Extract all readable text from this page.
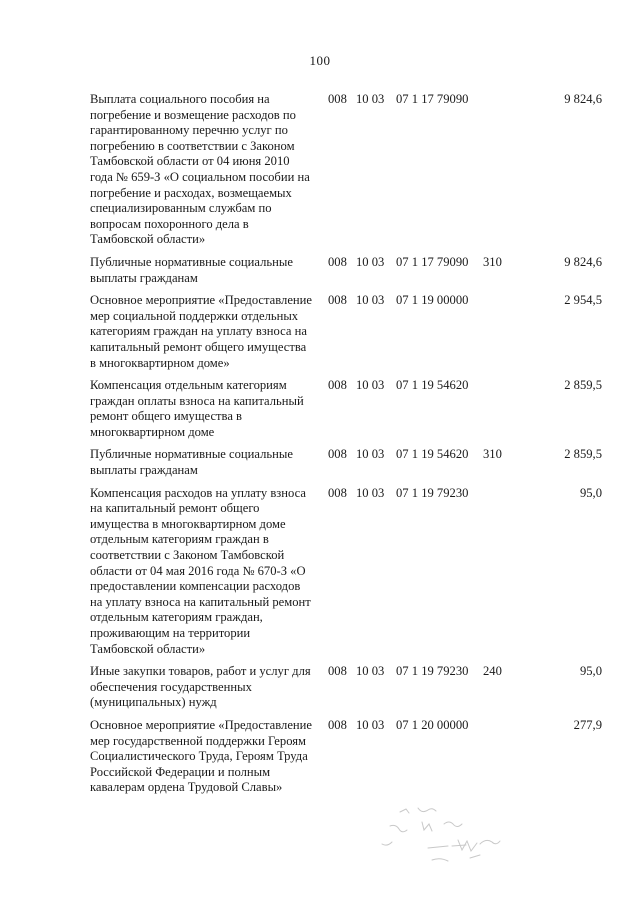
100
Выплата социального пособия на погребение и возмещение расходов по гарантированному перечню услуг по погребению в соответствии с Законом Тамбовской области от 04 июня 2010 года № 659-З «О социальном пособии на погребение и расходах, возмещаемых специализированным службам по вопросам похоронного дела в Тамбовской области»
008 10 03 07 1 17 79090	9 824,6
Публичные нормативные социальные выплаты гражданам
008 10 03 07 1 17 79090	310	9 824,6
Основное мероприятие «Предоставление мер социальной поддержки отдельных категориям граждан на уплату взноса на капитальный ремонт общего имущества в многоквартирном доме»
008 10 03 07 1 19 00000	2 954,5
Компенсация отдельным категориям граждан оплаты взноса на капитальный ремонт общего имущества в многоквартирном доме
008 10 03 07 1 19 54620	2 859,5
Публичные нормативные социальные выплаты гражданам
008 10 03 07 1 19 54620	310	2 859,5
Компенсация расходов на уплату взноса на капитальный ремонт общего имущества в многоквартирном доме отдельным категориям граждан в соответствии с Законом Тамбовской области от 04 мая 2016 года № 670-З «О предоставлении компенсации расходов на уплату взноса на капитальный ремонт отдельным категориям граждан, проживающим на территории Тамбовской области»
008 10 03 07 1 19 79230	95,0
Иные закупки товаров, работ и услуг для обеспечения государственных (муниципальных) нужд
008 10 03 07 1 19 79230	240	95,0
Основное мероприятие «Предоставление мер государственной поддержки Героям Социалистического Труда, Героям Труда Российской Федерации и полным кавалерам ордена Трудовой Славы»
008 10 03 07 1 20 00000	277,9
